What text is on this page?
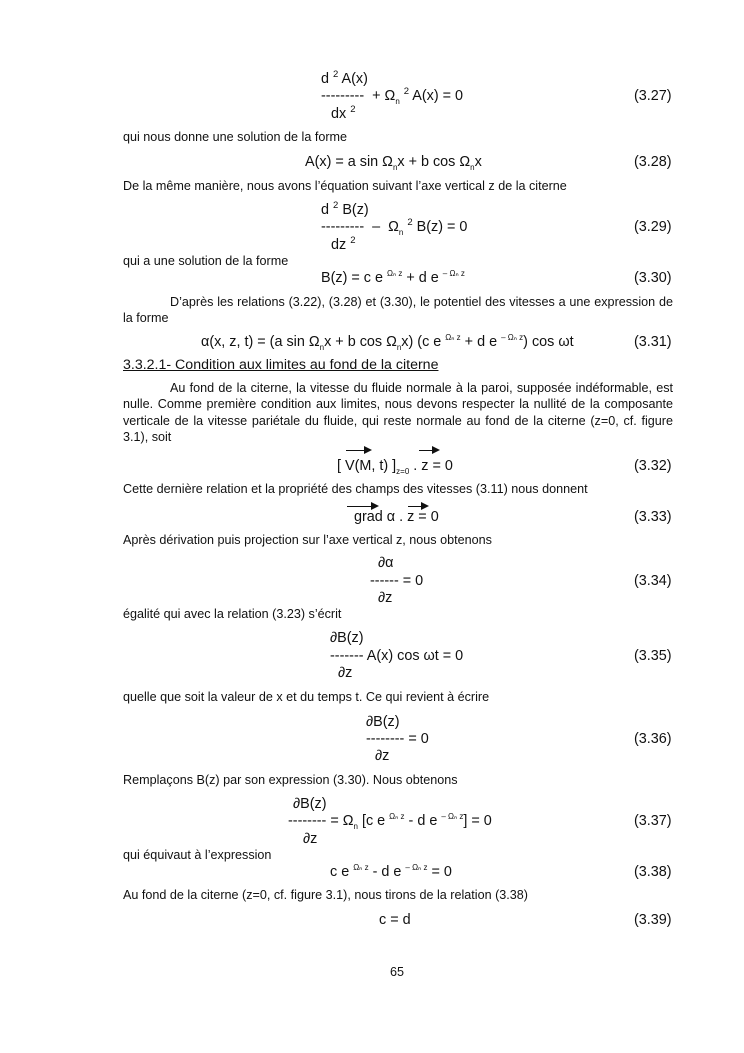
d $^2$ A(x)
--------- + $\Omega_n$ $^2$ A(x) = 0
dx $^2$
(3.27)
qui nous donne une solution de la forme
A(x) = a $\sin \Omega_nx + b$ $\cos \Omega_nx$	(3.28)
De la même manière, nous avons l’équation suivant l’axe vertical z de la citerne
d $^2$ B(z)
--------- –  $\Omega_n$ $^2$ B(z) = 0
dz $^2$
(3.29)
qui a une solution de la forme
B(z) = c e $^{\Omega_n z}$ + d e $^{- \Omega_n z}$	(3.30)
D’après les relations (3.22), (3.28) et (3.30), le potentiel des vitesses a une expression de la forme
α(x, z, t) = (a $\sin \Omega_nx + b$ $\cos \Omega_nx$) (c e $^{\Omega_n z}$ + d e $^{- \Omega_n z}$) cos ωt	(3.31)
3.3.2.1- Condition aux limites au fond de la citerne
Au fond de la citerne, la vitesse du fluide normale à la paroi, supposée indéformable, est nulle. Comme première condition aux limites, nous devons respecter la nullité de la composante verticale de la vitesse pariétale du fluide, qui reste normale au fond de la citerne (z=0, cf. figure 3.1), soit
[ V(M, t) ]$_{z=0}$ . z = 0	(3.32)
Cette dernière relation et la propriété des champs des vitesses (3.11) nous donnent
grad α . z = 0	(3.33)
Après dérivation puis projection sur l’axe vertical z, nous obtenons
∂α
------ = 0
∂z
(3.34)
égalité qui avec la relation (3.23) s’écrit
∂B(z)
------- A(x) cos ωt = 0
∂z
(3.35)
quelle que soit la valeur de x et du temps t. Ce qui revient à écrire
∂B(z)
-------- = 0
∂z
(3.36)
Remplaçons B(z) par son expression (3.30). Nous obtenons
∂B(z)
-------- = $\Omega_n$ [c e $^{\Omega_n z}$ - d e $^{- \Omega_n z}$] = 0
∂z
(3.37)
qui équivaut à l’expression
c e $^{\Omega_n z}$ - d e $^{- \Omega_n z}$ = 0	(3.38)
Au fond de la citerne (z=0, cf. figure 3.1), nous tirons de la relation (3.38)
c = d	(3.39)
65
